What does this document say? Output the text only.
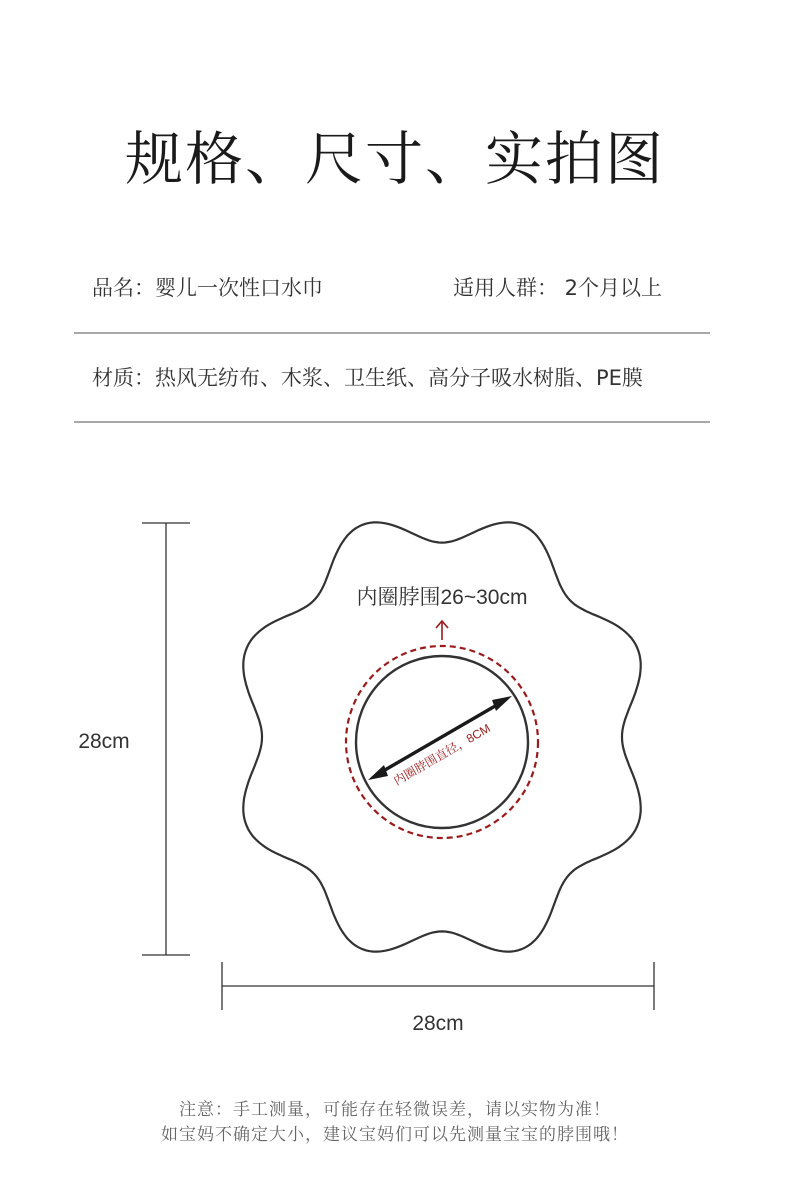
规格、尺寸、实拍图
品名：婴儿一次性口水巾	适用人群： 2个月以上
材质：热风无纺布、木浆、卫生纸、高分子吸水树脂、PE膜
28cm
28cm
内圈脖围26~30cm
内圈脖围直径，8CM
注意：手工测量，可能存在轻微误差，请以实物为准！
如宝妈不确定大小，建议宝妈们可以先测量宝宝的脖围哦！
